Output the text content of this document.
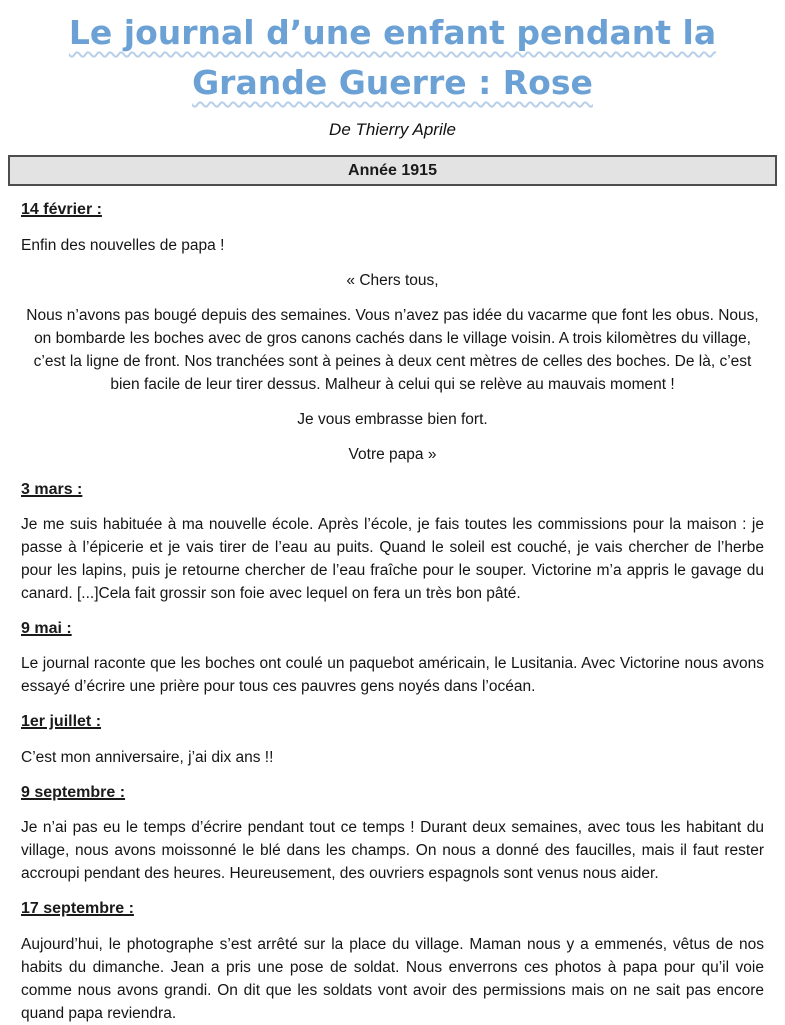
Le journal d’une enfant pendant la
Grande Guerre : Rose
De Thierry Aprile
Année 1915
14 février :

Enfin des nouvelles de papa !

« Chers tous,

Nous n’avons pas bougé depuis des semaines. Vous n’avez pas idée du vacarme que font les obus. Nous, on bombarde les boches avec de gros canons cachés dans le village voisin. A trois kilomètres du village, c’est la ligne de front. Nos tranchées sont à peines à deux cent mètres de celles des boches. De là, c’est bien facile de leur tirer dessus. Malheur à celui qui se relève au mauvais moment !

Je vous embrasse bien fort.

Votre papa »

3 mars :

Je me suis habituée à ma nouvelle école. Après l’école, je fais toutes les commissions pour la maison : je passe à l’épicerie et je vais tirer de l’eau au puits. Quand le soleil est couché, je vais chercher de l’herbe pour les lapins, puis je retourne chercher de l’eau fraîche pour le souper. Victorine m’a appris le gavage du canard. [...]Cela fait grossir son foie avec lequel on fera un très bon pâté.

9 mai :

Le journal raconte que les boches ont coulé un paquebot américain, le Lusitania. Avec Victorine nous avons essayé d’écrire une prière pour tous ces pauvres gens noyés dans l’océan.

1er juillet :

C’est mon anniversaire, j’ai dix ans !!

9 septembre :

Je n’ai pas eu le temps d’écrire pendant tout ce temps ! Durant deux semaines, avec tous les habitant du village, nous avons moissonné le blé dans les champs. On nous a donné des faucilles, mais il faut rester accroupi pendant des heures. Heureusement, des ouvriers espagnols sont venus nous aider.

17 septembre :

Aujourd’hui, le photographe s’est arrêté sur la place du village. Maman nous y a emmenés, vêtus de nos habits du dimanche. Jean a pris une pose de soldat. Nous enverrons ces photos à papa pour qu’il voie comme nous avons grandi. On dit que les soldats vont avoir des permissions mais on ne sait pas encore quand papa reviendra.
